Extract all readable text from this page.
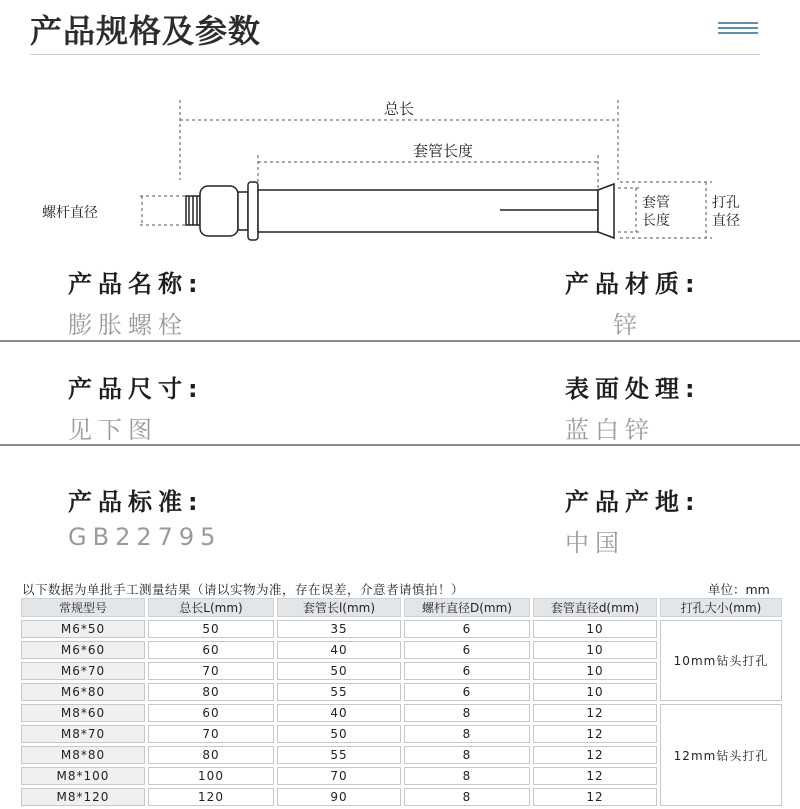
产品规格及参数
总长
套管长度
螺杆直径
套管
长度
打孔
直径
产品名称:
膨胀螺栓
产品材质:
锌
产品尺寸:
见下图
表面处理:
蓝白锌
产品标准:
GB22795
产品产地:
中国
以下数据为单批手工测量结果（请以实物为准，存在误差，介意者请慎拍！）	单位：mm
常规型号	总长L(mm)	套管长l(mm)	螺杆直径D(mm)	套管直径d(mm)	打孔大小(mm)
M6*50	50	35	6	10	10mm钻头打孔
M6*60	60	40	6	10	
M6*70	70	50	6	10	
M6*80	80	55	6	10	
M8*60	60	40	8	12	12mm钻头打孔
M8*70	70	50	8	12	
M8*80	80	55	8	12	
M8*100	100	70	8	12	
M8*120	120	90	8	12	
